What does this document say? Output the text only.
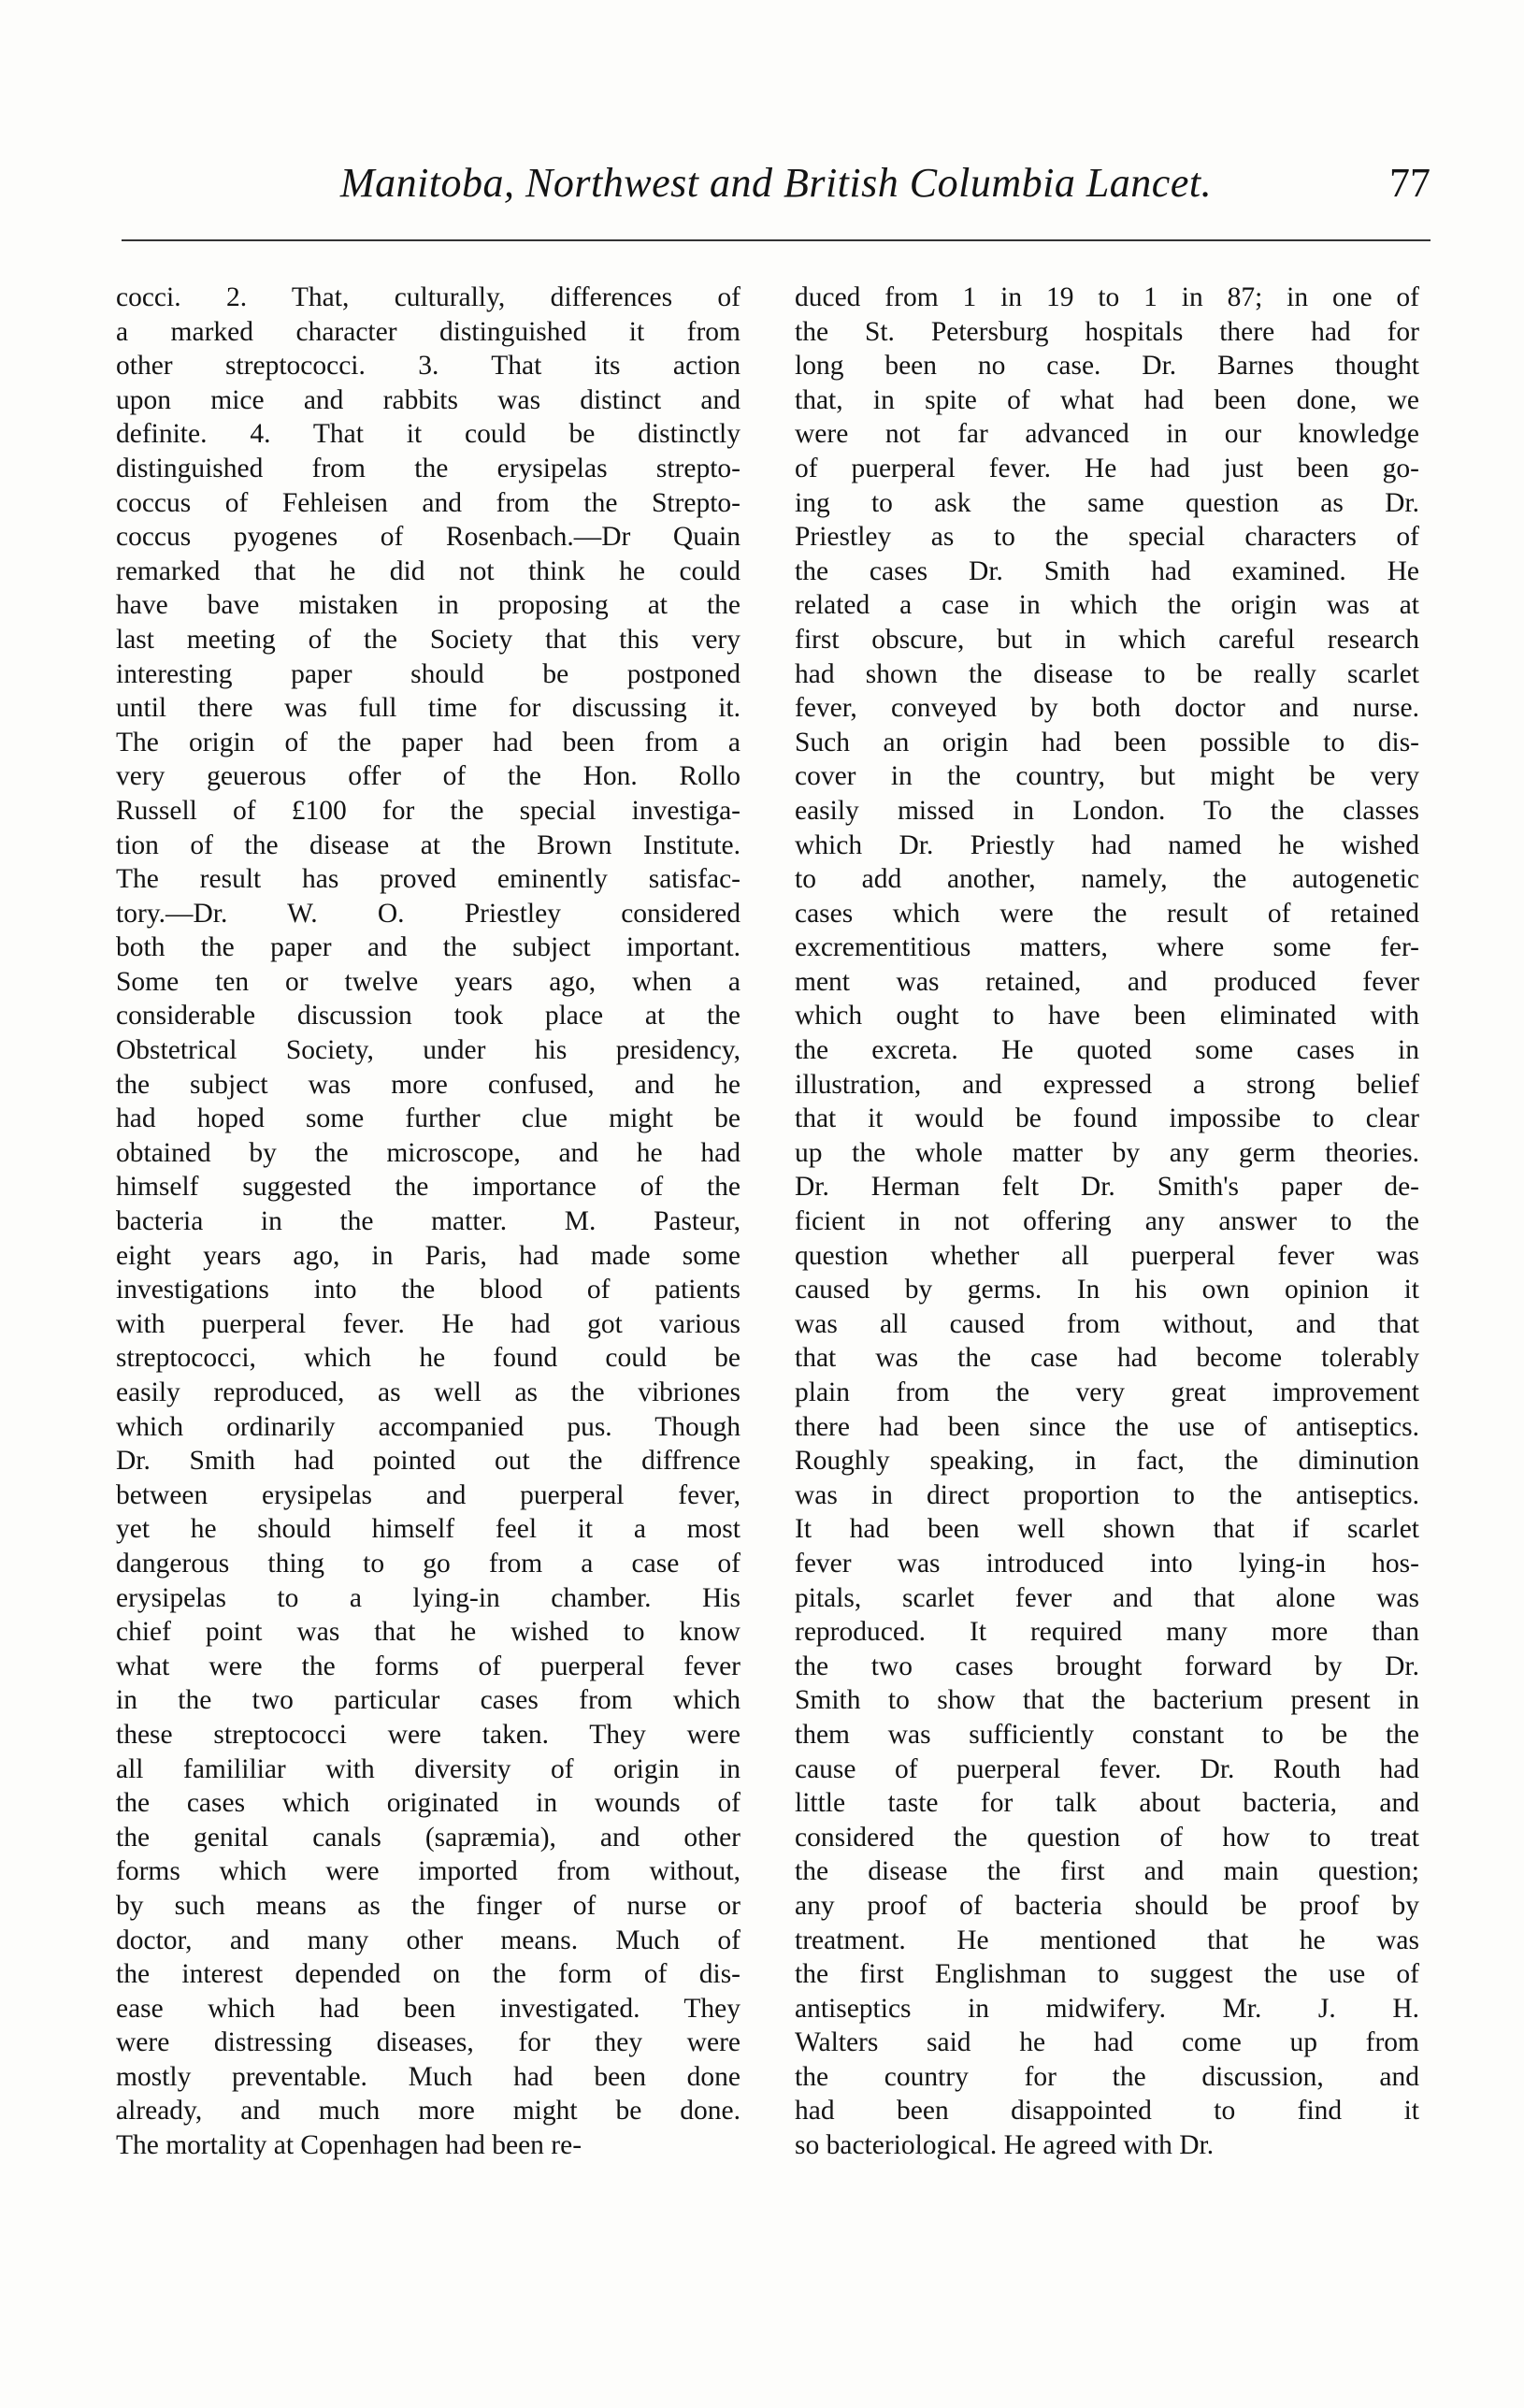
Manitoba, Northwest and British Columbia Lancet.	77
cocci. 2. That, culturally, differences of
a marked character distinguished it from
other streptococci. 3. That its action
upon mice and rabbits was distinct and
definite. 4. That it could be distinctly
distinguished from the erysipelas strepto-
coccus of Fehleisen and from the Strepto-
coccus pyogenes of Rosenbach.—Dr Quain
remarked that he did not think he could
have bave mistaken in proposing at the
last meeting of the Society that this very
interesting paper should be postponed
until there was full time for discussing it.
The origin of the paper had been from a
very geuerous offer of the Hon. Rollo
Russell of £100 for the special investiga-
tion of the disease at the Brown Institute.
The result has proved eminently satisfac-
tory.—Dr. W. O. Priestley considered
both the paper and the subject important.
Some ten or twelve years ago, when a
considerable discussion took place at the
Obstetrical Society, under his presidency,
the subject was more confused, and he
had hoped some further clue might be
obtained by the microscope, and he had
himself suggested the importance of the
bacteria in the matter. M. Pasteur,
eight years ago, in Paris, had made some
investigations into the blood of patients
with puerperal fever. He had got various
streptococci, which he found could be
easily reproduced, as well as the vibriones
which ordinarily accompanied pus. Though
Dr. Smith had pointed out the diffrence
between erysipelas and puerperal fever,
yet he should himself feel it a most
dangerous thing to go from a case of
erysipelas to a lying-in chamber. His
chief point was that he wished to know
what were the forms of puerperal fever
in the two particular cases from which
these streptococci were taken. They were
all famililiar with diversity of origin in
the cases which originated in wounds of
the genital canals (sapræmia), and other
forms which were imported from without,
by such means as the finger of nurse or
doctor, and many other means. Much of
the interest depended on the form of dis-
ease which had been investigated. They
were distressing diseases, for they were
mostly preventable. Much had been done
already, and much more might be done.
The mortality at Copenhagen had been re-
duced from 1 in 19 to 1 in 87; in one of
the St. Petersburg hospitals there had for
long been no case. Dr. Barnes thought
that, in spite of what had been done, we
were not far advanced in our knowledge
of puerperal fever. He had just been go-
ing to ask the same question as Dr.
Priestley as to the special characters of
the cases Dr. Smith had examined. He
related a case in which the origin was at
first obscure, but in which careful research
had shown the disease to be really scarlet
fever, conveyed by both doctor and nurse.
Such an origin had been possible to dis-
cover in the country, but might be very
easily missed in London. To the classes
which Dr. Priestly had named he wished
to add another, namely, the autogenetic
cases which were the result of retained
excrementitious matters, where some fer-
ment was retained, and produced fever
which ought to have been eliminated with
the excreta. He quoted some cases in
illustration, and expressed a strong belief
that it would be found impossibe to clear
up the whole matter by any germ theories.
Dr. Herman felt Dr. Smith's paper de-
ficient in not offering any answer to the
question whether all puerperal fever was
caused by germs. In his own opinion it
was all caused from without, and that
that was the case had become tolerably
plain from the very great improvement
there had been since the use of antiseptics.
Roughly speaking, in fact, the diminution
was in direct proportion to the antiseptics.
It had been well shown that if scarlet
fever was introduced into lying-in hos-
pitals, scarlet fever and that alone was
reproduced. It required many more than
the two cases brought forward by Dr.
Smith to show that the bacterium present in
them was sufficiently constant to be the
cause of puerperal fever. Dr. Routh had
little taste for talk about bacteria, and
considered the question of how to treat
the disease the first and main question;
any proof of bacteria should be proof by
treatment. He mentioned that he was
the first Englishman to suggest the use of
antiseptics in midwifery. Mr. J. H.
Walters said he had come up from
the country for the discussion, and
had been disappointed to find it
so bacteriological. He agreed with Dr.
